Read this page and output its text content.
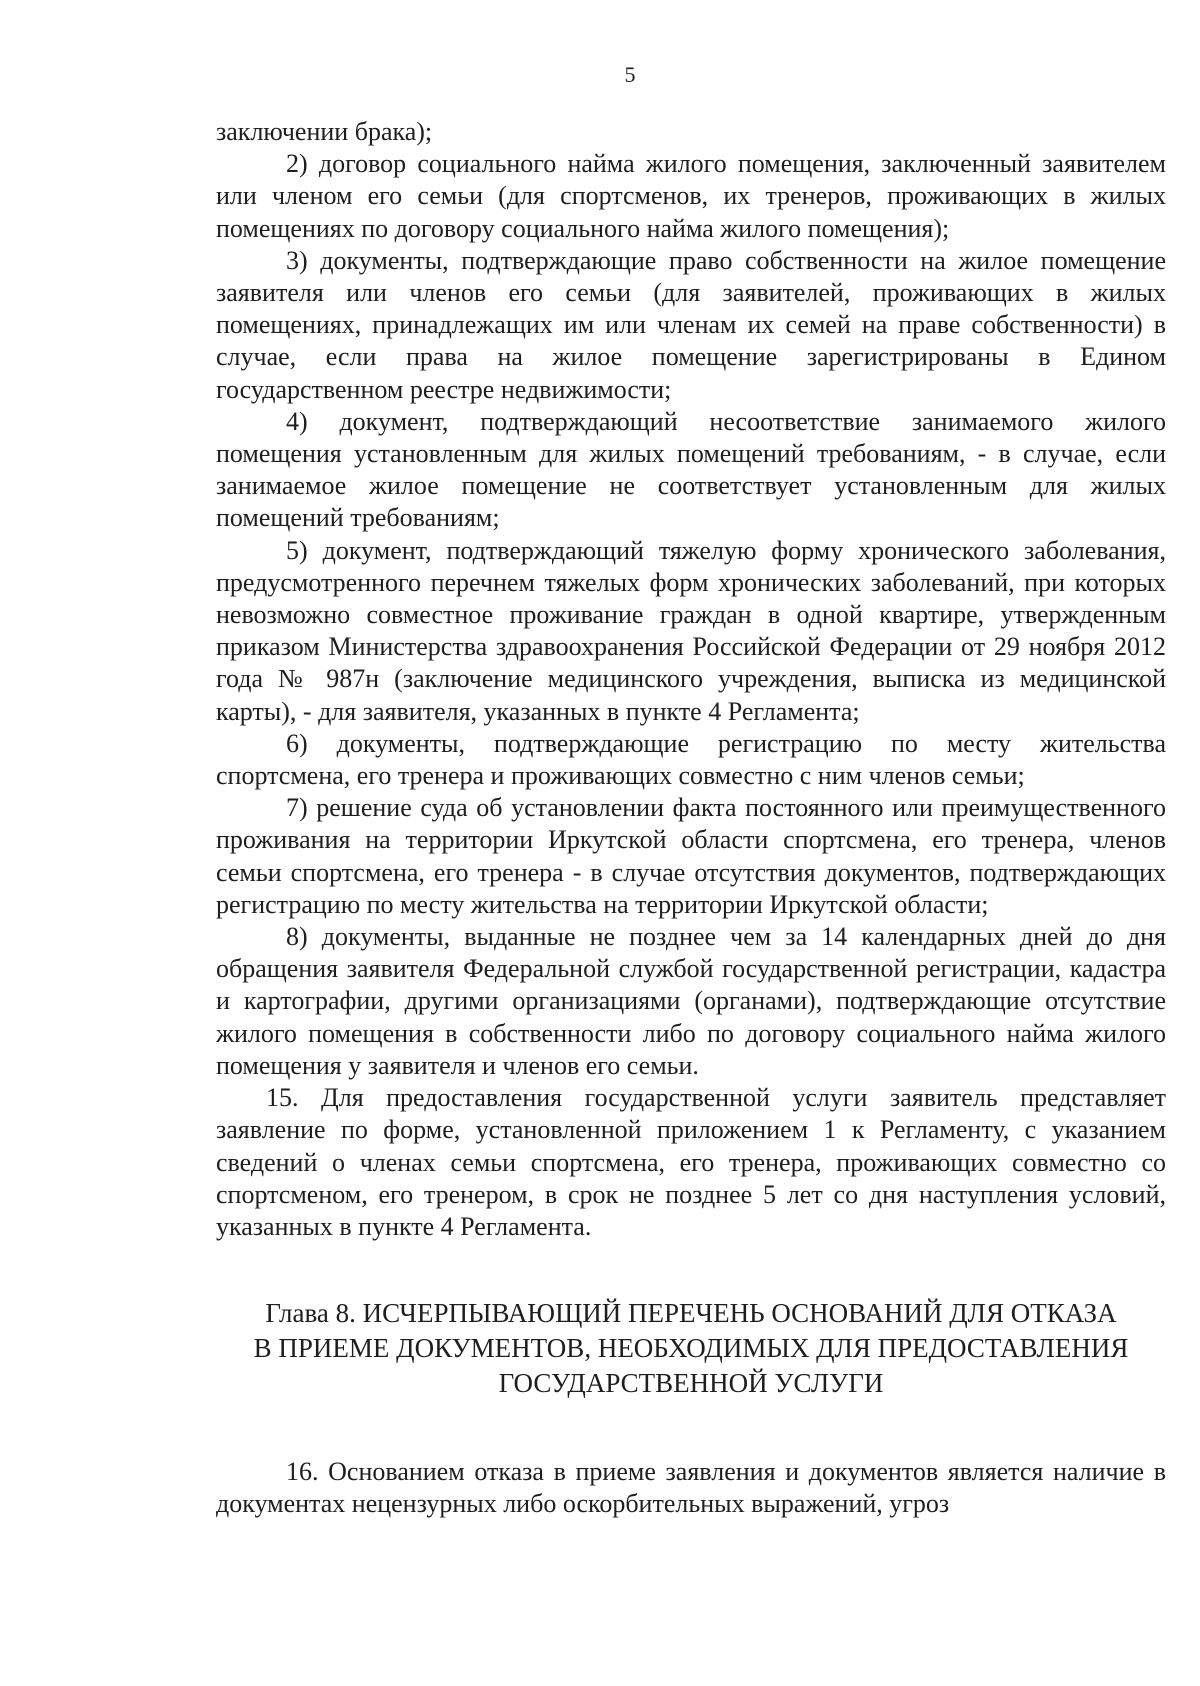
5

заключении брака);

2) договор социального найма жилого помещения, заключенный заявителем или членом его семьи (для спортсменов, их тренеров, проживающих в жилых помещениях по договору социального найма жилого помещения);

3) документы, подтверждающие право собственности на жилое помещение заявителя или членов его семьи (для заявителей, проживающих в жилых помещениях, принадлежащих им или членам их семей на праве собственности) в случае, если права на жилое помещение зарегистрированы в Едином государственном реестре недвижимости;

4) документ, подтверждающий несоответствие занимаемого жилого помещения установленным для жилых помещений требованиям, - в случае, если занимаемое жилое помещение не соответствует установленным для жилых помещений требованиям;

5) документ, подтверждающий тяжелую форму хронического заболевания, предусмотренного перечнем тяжелых форм хронических заболеваний, при которых невозможно совместное проживание граждан в одной квартире, утвержденным приказом Министерства здравоохранения Российской Федерации от 29 ноября 2012 года № 987н (заключение медицинского учреждения, выписка из медицинской карты), - для заявителя, указанных в пункте 4 Регламента;

6) документы, подтверждающие регистрацию по месту жительства спортсмена, его тренера и проживающих совместно с ним членов семьи;

7) решение суда об установлении факта постоянного или преимущественного проживания на территории Иркутской области спортсмена, его тренера, членов семьи спортсмена, его тренера - в случае отсутствия документов, подтверждающих регистрацию по месту жительства на территории Иркутской области;

8) документы, выданные не позднее чем за 14 календарных дней до дня обращения заявителя Федеральной службой государственной регистрации, кадастра и картографии, другими организациями (органами), подтверждающие отсутствие жилого помещения в собственности либо по договору социального найма жилого помещения у заявителя и членов его семьи.

15. Для предоставления государственной услуги заявитель представляет заявление по форме, установленной приложением 1 к Регламенту, с указанием сведений о членах семьи спортсмена, его тренера, проживающих совместно со спортсменом, его тренером, в срок не позднее 5 лет со дня наступления условий, указанных в пункте 4 Регламента.

Глава 8. ИСЧЕРПЫВАЮЩИЙ ПЕРЕЧЕНЬ ОСНОВАНИЙ ДЛЯ ОТКАЗА
В ПРИЕМЕ ДОКУМЕНТОВ, НЕОБХОДИМЫХ ДЛЯ ПРЕДОСТАВЛЕНИЯ
ГОСУДАРСТВЕННОЙ УСЛУГИ

16. Основанием отказа в приеме заявления и документов является наличие в документах нецензурных либо оскорбительных выражений, угроз
